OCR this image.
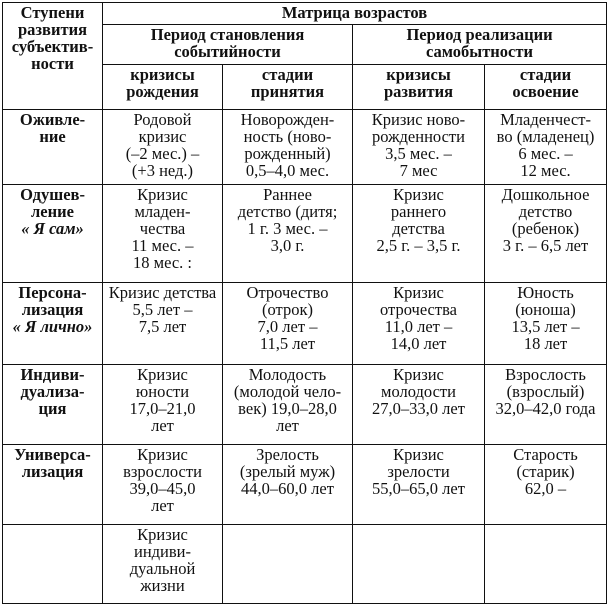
Ступени
развития
субъектив-
ности	Матрица возрастов			

	Период становления
событийности		Период реализации
самобытности	

	кризисы
рождения	стадии
принятия	кризисы
развития	стадии
освоение

Оживле-
ние	Родовой
кризис
(–2 мес.) –
(+3 нед.)	Новорожден-
ность (ново-
рожденный)
0,5–4,0 мес.	Кризис ново-
рожденности
3,5 мес. –
7 мес	Младенчест-
во (младенец)
6 мес. –
12 мес.

Одушев-
ление
« Я сам»	Кризис
младен-
чества
11 мес. –
18 мес. :	Раннее
детство (дитя;
1 г. 3 мес. –
3,0 г.	Кризис
раннего
детства
2,5 г. – 3,5 г.	Дошкольное
детство
(ребенок)
3 г. – 6,5 лет

Персона-
лизация
« Я лично»	Кризис детства
5,5 лет –
7,5 лет	Отрочество
(отрок)
7,0 лет –
11,5 лет	Кризис
отрочества
11,0 лет –
14,0 лет	Юность
(юноша)
13,5 лет –
18 лет

Индиви-
дуализа-
ция	Кризис
юности
17,0–21,0
лет	Молодость
(молодой чело-
век) 19,0–28,0
лет	Кризис
молодости
27,0–33,0 лет	Взрослость
(взрослый)
32,0–42,0 года

Универса-
лизация	Кризис
взрослости
39,0–45,0
лет	Зрелость
(зрелый муж)
44,0–60,0 лет	Кризис
зрелости
55,0–65,0 лет	Старость
(старик)
62,0 –

	Кризис
индиви-
дуальной
жизни			
